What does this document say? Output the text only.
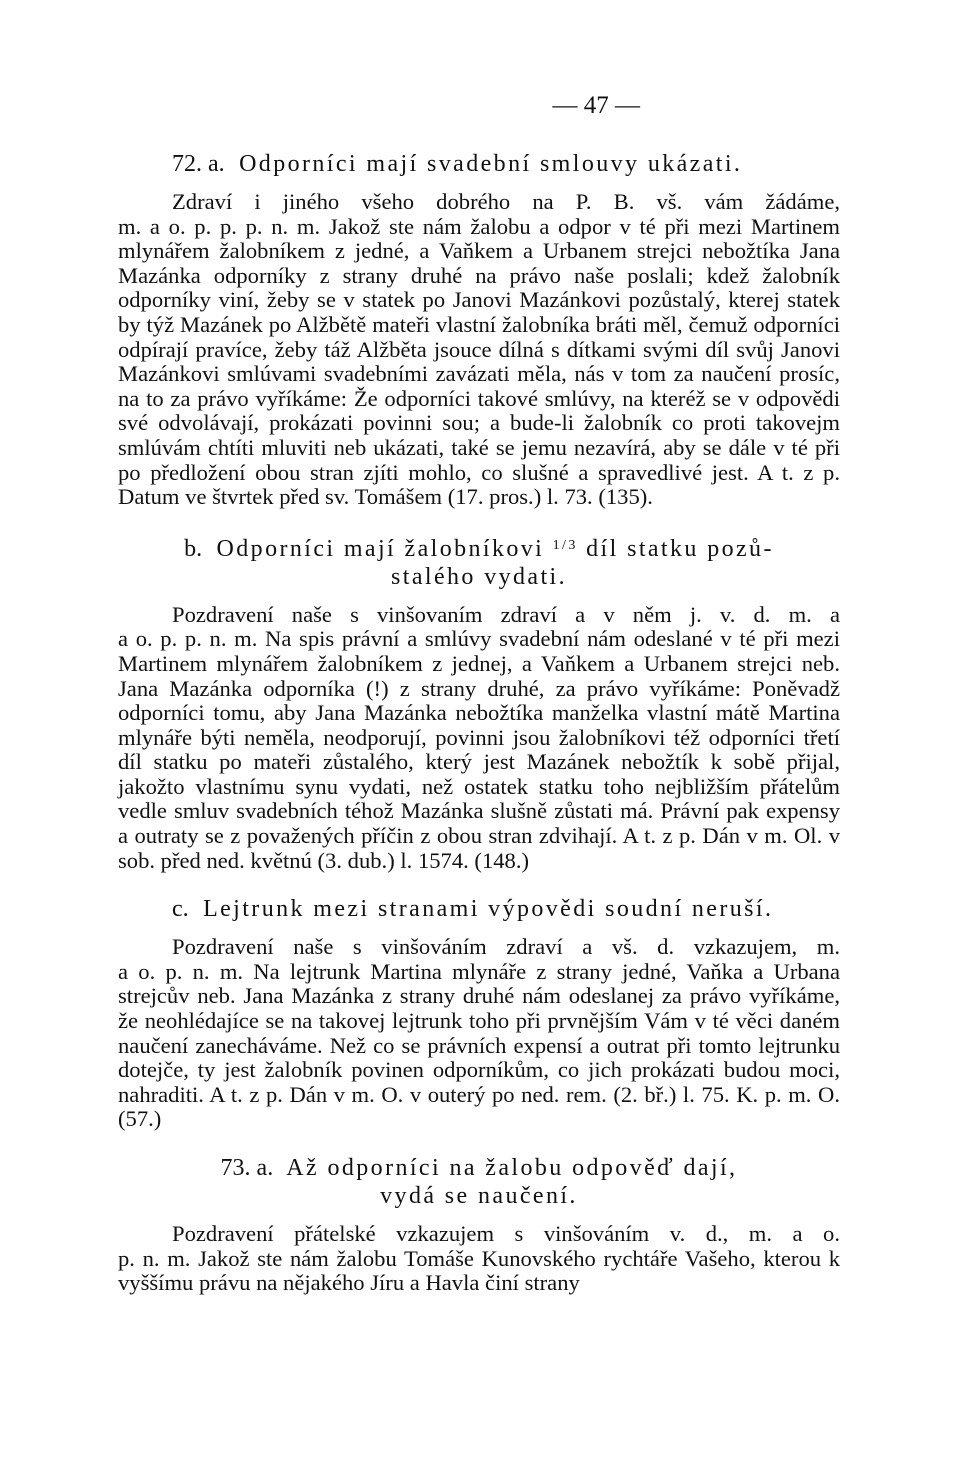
— 47 —

72. a. Odporníci mají svadební smlouvy ukázati.

Zdraví i jiného všeho dobrého na P. B. vš. vám žádáme,
m. a o. p. p. p. n. m. Jakož ste nám žalobu a odpor v té při mezi Martinem mlynářem žalobníkem z jedné, a Vaňkem a Urbanem strejci nebožtíka Jana Mazánka odporníky z strany druhé na právo naše poslali; kdež žalobník odporníky viní, žeby se v statek po Janovi Mazánkovi pozůstalý, kterej statek by týž Mazánek po Alžbětě mateři vlastní žalobníka bráti měl, čemuž odporníci odpírají pravíce, žeby táž Alžběta jsouce dílná s dítkami svými díl svůj Janovi Mazánkovi smlúvami svadebními zavázati měla, nás v tom za naučení prosíc, na to za právo vyříkáme: Že odporníci takové smlúvy, na kteréž se v odpovědi své odvolávají, prokázati povinni sou; a bude-li žalobník co proti takovejm smlúvám chtíti mluviti neb ukázati, také se jemu nezavírá, aby se dále v té při po předložení obou stran zjíti mohlo, co slušné a spravedlivé jest. A t. z p. Datum ve štvrtek před sv. Tomášem (17. pros.) l. 73. (135).

b. Odporníci mají žalobníkovi $^{1/3}$ díl statku pozů-
stalého vydati.

Pozdravení naše s vinšovaním zdraví a v něm j. v. d. m. a
a o. p. p. n. m. Na spis právní a smlúvy svadební nám odeslané v té při mezi Martinem mlynářem žalobníkem z jednej, a Vaňkem a Urbanem strejci neb. Jana Mazánka odporníka (!) z strany druhé, za právo vyříkáme: Poněvadž odporníci tomu, aby Jana Mazánka nebožtíka manželka vlastní mátě Martina mlynáře býti neměla, neodporují, povinni jsou žalobníkovi též odporníci třetí díl statku po mateři zůstalého, který jest Mazánek nebožtík k sobě přijal, jakožto vlastnímu synu vydati, než ostatek statku toho nejbližším přátelům vedle smluv svadebních téhož Mazánka slušně zůstati má. Právní pak expensy a outraty se z považených příčin z obou stran zdvihají. A t. z p. Dán v m. Ol. v sob. před ned. květnú (3. dub.) l. 1574. (148.)

c. Lejtrunk mezi stranami výpovědi soudní neruší.

Pozdravení naše s vinšováním zdraví a vš. d. vzkazujem, m.
a o. p. n. m. Na lejtrunk Martina mlynáře z strany jedné, Vaňka a Urbana strejcův neb. Jana Mazánka z strany druhé nám odeslanej za právo vyříkáme, že neohlédajíce se na takovej lejtrunk toho při prvnějším Vám v té věci daném naučení zanecháváme. Než co se právních expensí a outrat při tomto lejtrunku dotejče, ty jest žalobník povinen odporníkům, co jich prokázati budou moci, nahraditi. A t. z p. Dán v m. O. v outerý po ned. rem. (2. bř.) l. 75. K. p. m. O. (57.)

73. a. Až odporníci na žalobu odpověď dají,
vydá se naučení.

Pozdravení přátelské vzkazujem s vinšováním v. d., m. a o.
p. n. m. Jakož ste nám žalobu Tomáše Kunovského rychtáře Vašeho, kterou k vyššímu právu na nějakého Jíru a Havla činí strany
